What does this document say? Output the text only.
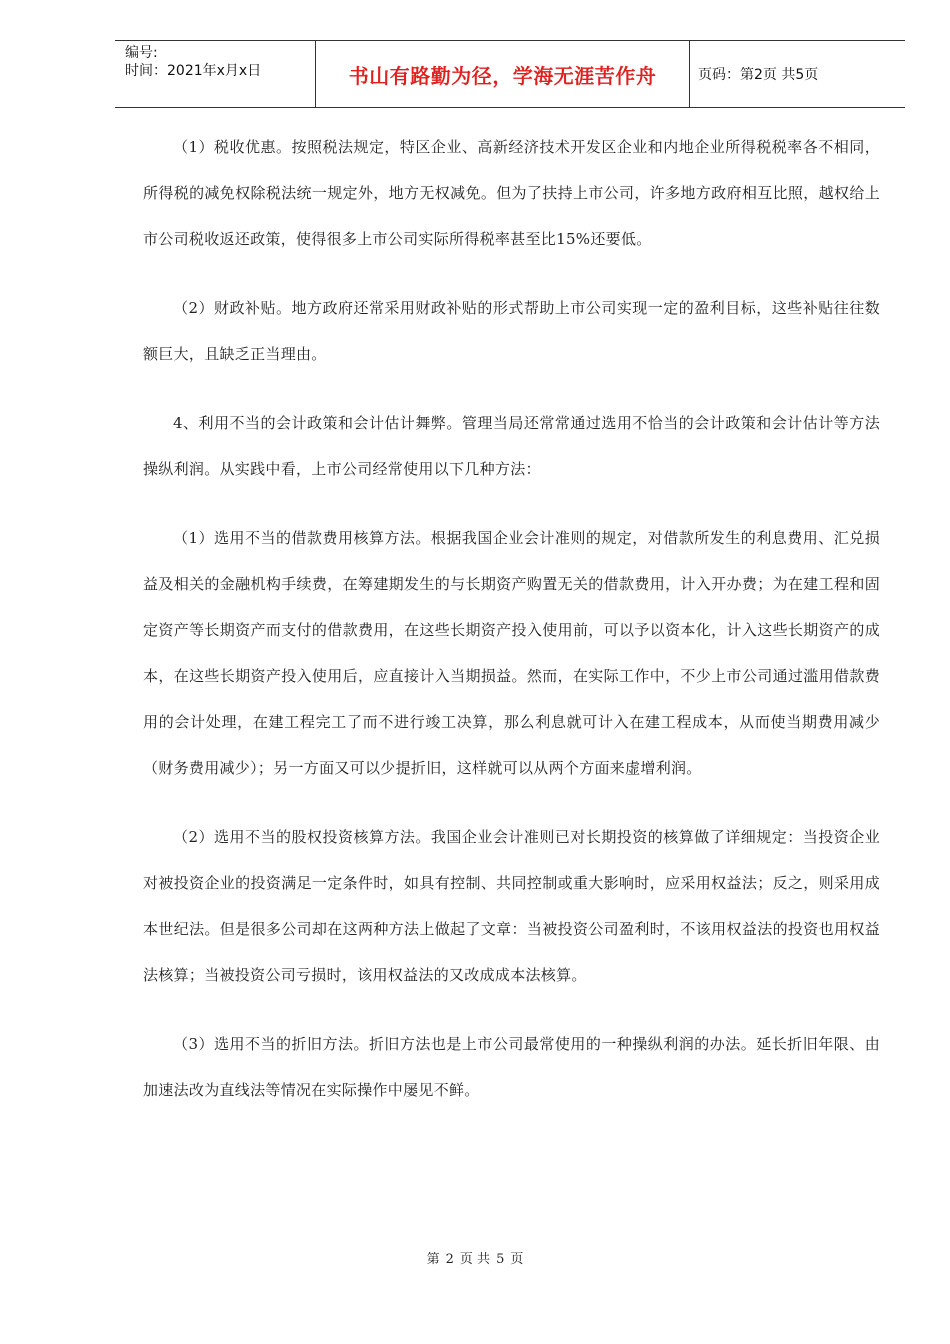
编号:
时间：2021年x月x日	书山有路勤为径，学海无涯苦作舟	页码：第2页 共5页

（1）税收优惠。按照税法规定，特区企业、高新经济技术开发区企业和内地企业所得税税率各不相同，所得税的减免权除税法统一规定外，地方无权减免。但为了扶持上市公司，许多地方政府相互比照，越权给上市公司税收返还政策，使得很多上市公司实际所得税率甚至比15%还要低。

（2）财政补贴。地方政府还常采用财政补贴的形式帮助上市公司实现一定的盈利目标，这些补贴往往数额巨大，且缺乏正当理由。

4、利用不当的会计政策和会计估计舞弊。管理当局还常常通过选用不恰当的会计政策和会计估计等方法操纵利润。从实践中看，上市公司经常使用以下几种方法：

（1）选用不当的借款费用核算方法。根据我国企业会计准则的规定，对借款所发生的利息费用、汇兑损益及相关的金融机构手续费，在筹建期发生的与长期资产购置无关的借款费用，计入开办费；为在建工程和固定资产等长期资产而支付的借款费用，在这些长期资产投入使用前，可以予以资本化，计入这些长期资产的成本，在这些长期资产投入使用后，应直接计入当期损益。然而，在实际工作中，不少上市公司通过滥用借款费用的会计处理，在建工程完工了而不进行竣工决算，那么利息就可计入在建工程成本，从而使当期费用减少（财务费用减少）；另一方面又可以少提折旧，这样就可以从两个方面来虚增利润。

（2）选用不当的股权投资核算方法。我国企业会计准则已对长期投资的核算做了详细规定：当投资企业对被投资企业的投资满足一定条件时，如具有控制、共同控制或重大影响时，应采用权益法；反之，则采用成本世纪法。但是很多公司却在这两种方法上做起了文章：当被投资公司盈利时，不该用权益法的投资也用权益法核算；当被投资公司亏损时，该用权益法的又改成成本法核算。

（3）选用不当的折旧方法。折旧方法也是上市公司最常使用的一种操纵利润的办法。延长折旧年限、由加速法改为直线法等情况在实际操作中屡见不鲜。

第 2 页 共 5 页
